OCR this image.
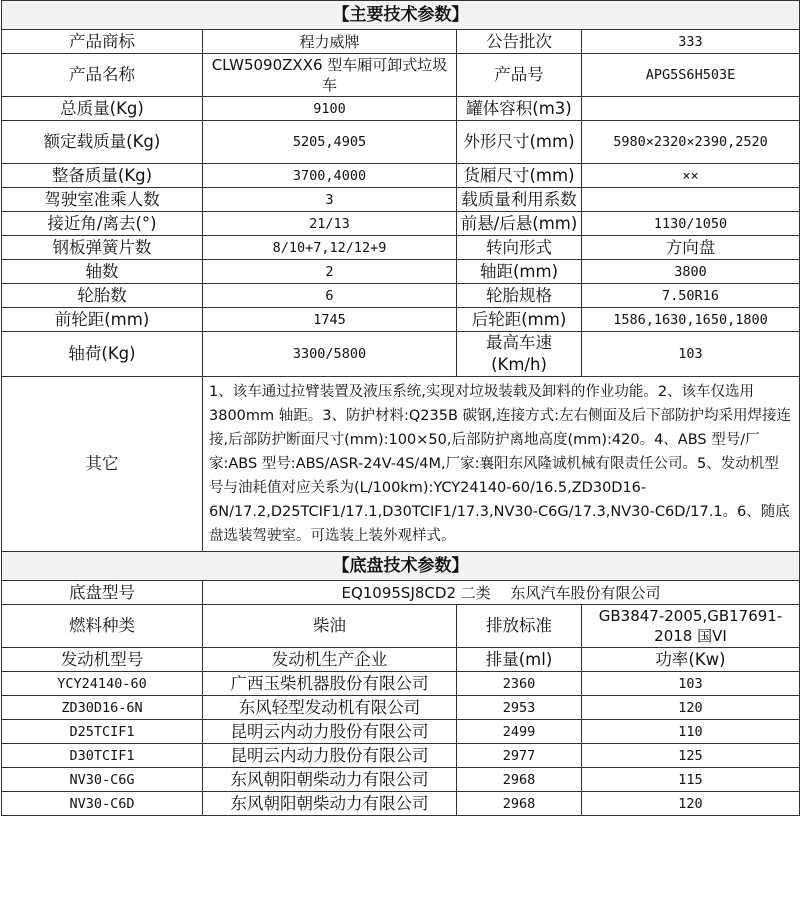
【主要技术参数】			
产品商标	程力威牌	公告批次	333
产品名称	CLW5090ZXX6 型车厢可卸式垃圾车	产品号	APG5S6H503E
总质量(Kg)	9100	罐体容积(m3)	
额定载质量(Kg)	5205,4905	外形尺寸(mm)	5980×2320×2390,2520
整备质量(Kg)	3700,4000	货厢尺寸(mm)	××
驾驶室准乘人数	3	载质量利用系数	
接近角/离去(°)	21/13	前悬/后悬(mm)	1130/1050
钢板弹簧片数	8/10+7,12/12+9	转向形式	方向盘
轴数	2	轴距(mm)	3800
轮胎数	6	轮胎规格	7.50R16
前轮距(mm)	1745	后轮距(mm)	1586,1630,1650,1800
轴荷(Kg)	3300/5800	最高车速(Km/h)	103
其它	1、该车通过拉臂装置及液压系统,实现对垃圾装载及卸料的作业功能。2、该车仅选用 3800mm 轴距。3、防护材料:Q235B 碳钢,连接方式:左右侧面及后下部防护均采用焊接连接,后部防护断面尺寸(mm):100×50,后部防护离地高度(mm):420。4、ABS 型号/厂家:ABS 型号:ABS/ASR-24V-4S/4M,厂家:襄阳东风隆诚机械有限责任公司。5、发动机型号与油耗值对应关系为(L/100km):YCY24140-60/16.5,ZD30D16-6N/17.2,D25TCIF1/17.1,D30TCIF1/17.3,NV30-C6G/17.3,NV30-C6D/17.1。6、随底盘选装驾驶室。可选装上装外观样式。		
【底盘技术参数】			
底盘型号	EQ1095SJ8CD2 二类　 东风汽车股份有限公司		
燃料种类	柴油	排放标准	GB3847-2005,GB17691-2018 国VI
发动机型号	发动机生产企业	排量(ml)	功率(Kw)
YCY24140-60	广西玉柴机器股份有限公司	2360	103
ZD30D16-6N	东风轻型发动机有限公司	2953	120
D25TCIF1	昆明云内动力股份有限公司	2499	110
D30TCIF1	昆明云内动力股份有限公司	2977	125
NV30-C6G	东风朝阳朝柴动力有限公司	2968	115
NV30-C6D	东风朝阳朝柴动力有限公司	2968	120
